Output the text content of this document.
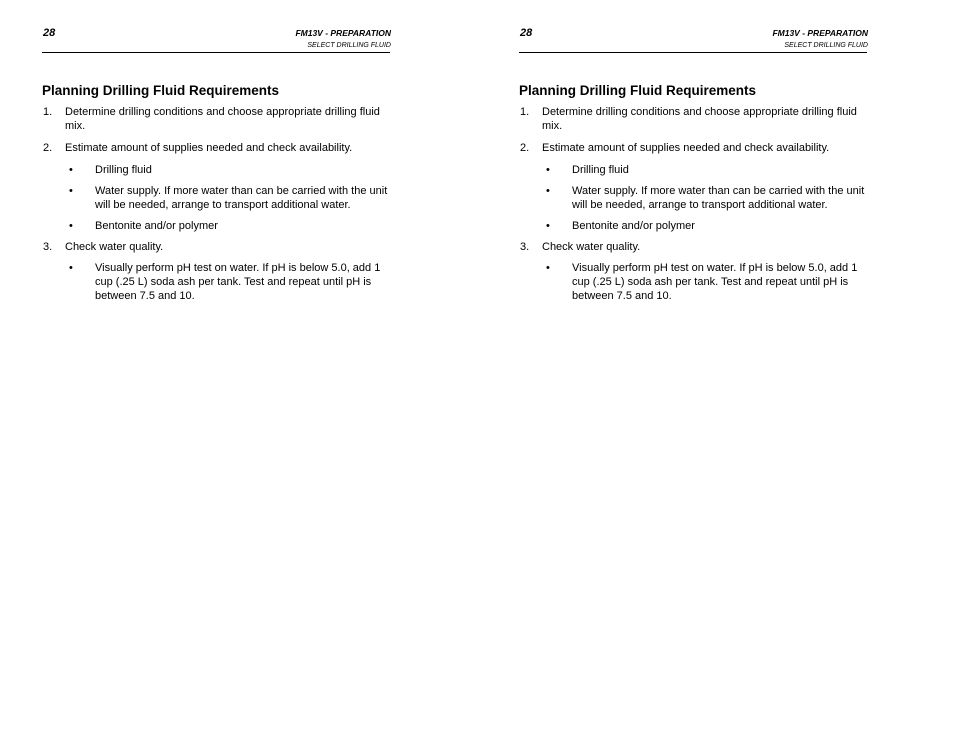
28	FM13V - PREPARATION
SELECT DRILLING FLUID
Planning Drilling Fluid Requirements
1. Determine drilling conditions and choose appropriate drilling fluid mix.
2. Estimate amount of supplies needed and check availability.
• Drilling fluid
• Water supply. If more water than can be carried with the unit will be needed, arrange to transport additional water.
• Bentonite and/or polymer
3. Check water quality.
• Visually perform pH test on water. If pH is below 5.0, add 1 cup (.25 L) soda ash per tank. Test and repeat until pH is between 7.5 and 10.
28	FM13V - PREPARATION
SELECT DRILLING FLUID
Planning Drilling Fluid Requirements
1. Determine drilling conditions and choose appropriate drilling fluid mix.
2. Estimate amount of supplies needed and check availability.
• Drilling fluid
• Water supply. If more water than can be carried with the unit will be needed, arrange to transport additional water.
• Bentonite and/or polymer
3. Check water quality.
• Visually perform pH test on water. If pH is below 5.0, add 1 cup (.25 L) soda ash per tank. Test and repeat until pH is between 7.5 and 10.
